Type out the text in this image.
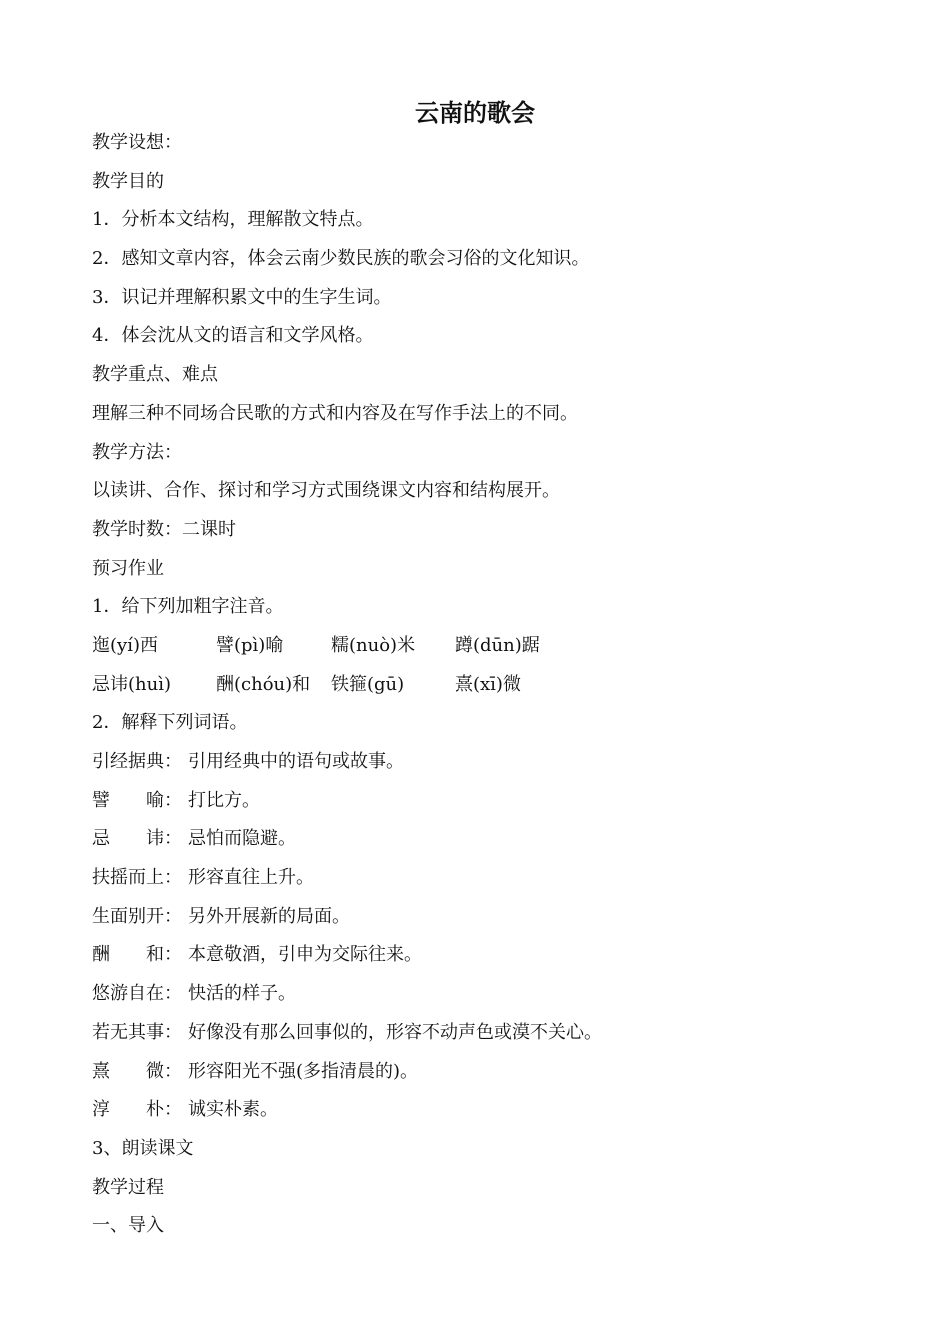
云南的歌会
教学设想：
教学目的
1．分析本文结构，理解散文特点。
2．感知文章内容，体会云南少数民族的歌会习俗的文化知识。
3．识记并理解积累文中的生字生词。
4．体会沈从文的语言和文学风格。
教学重点、难点
理解三种不同场合民歌的方式和内容及在写作手法上的不同。
教学方法：
以读讲、合作、探讨和学习方式围绕课文内容和结构展开。
教学时数：二课时
预习作业
1．给下列加粗字注音。
迤(yí)西	譬(pì)喻	糯(nuò)米	蹲(dūn)踞
忌讳(huì)	酬(chóu)和	铁箍(gū)	熹(xī)微
2．解释下列词语。
引经据典： 引用经典中的语句或故事。
譬　　喻： 打比方。
忌　　讳： 忌怕而隐避。
扶摇而上： 形容直往上升。
生面别开： 另外开展新的局面。
酬　　和： 本意敬酒，引申为交际往来。
悠游自在： 快活的样子。
若无其事： 好像没有那么回事似的，形容不动声色或漠不关心。
熹　　微： 形容阳光不强(多指清晨的)。
淳　　朴： 诚实朴素。
3、朗读课文
教学过程
一、导入
